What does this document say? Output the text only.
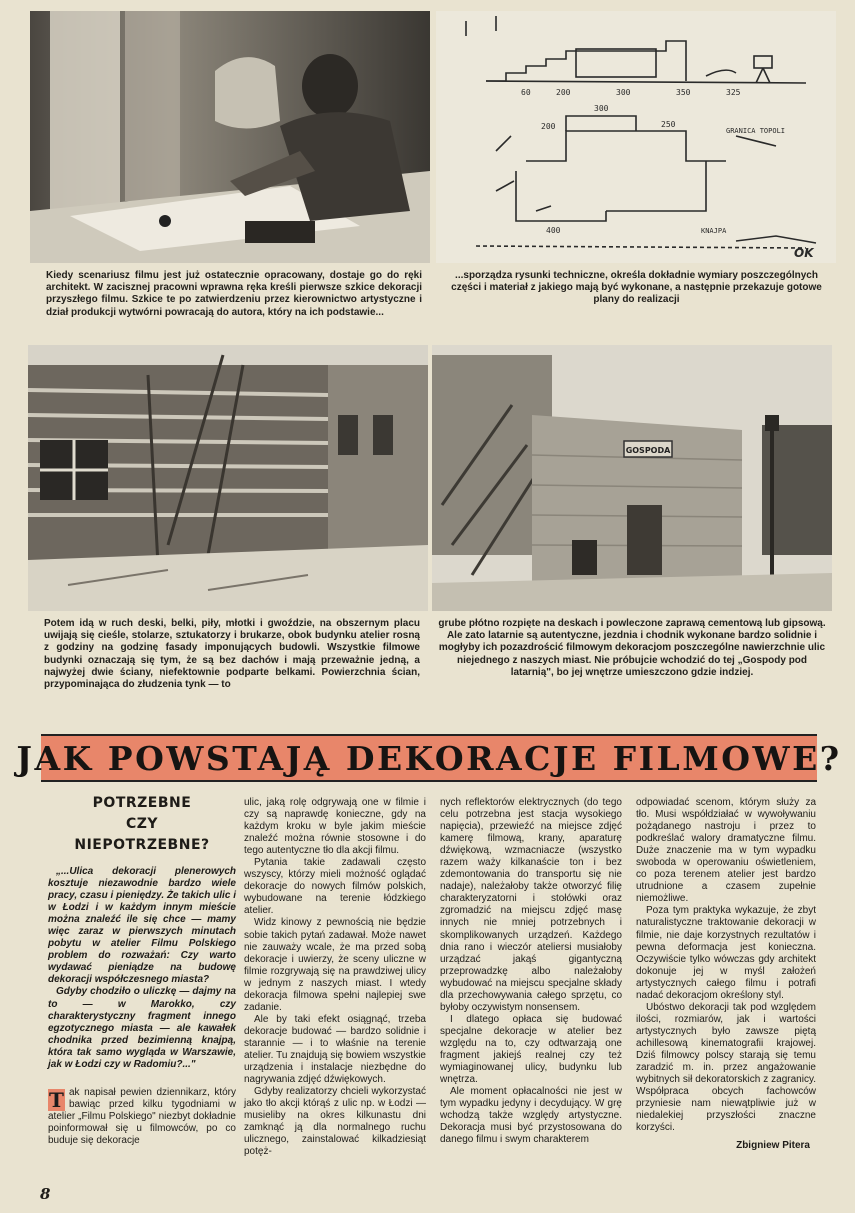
60	200	300	350	325
200
300
250
400
GRANICA TOPOLI
KNAJPA
OK
Kiedy scenariusz filmu jest już ostatecznie opracowany, dostaje go do ręki architekt. W zacisznej pracowni wprawna ręka kreśli pierwsze szkice dekoracji przyszłego filmu. Szkice te po zatwierdzeniu przez kierownictwo artystyczne i dział produkcji wytwórni powracają do autora, który na ich podstawie...
...sporządza rysunki techniczne, określa dokładnie wymiary poszczególnych części i materiał z jakiego mają być wykonane, a następnie przekazuje gotowe plany do realizacji
GOSPODA
Potem idą w ruch deski, belki, piły, młotki i gwoździe, na obszernym placu uwijają się cieśle, stolarze, sztukatorzy i brukarze, obok budynku atelier rosną z godziny na godzinę fasady imponujących budowli. Wszystkie filmowe budynki oznaczają się tym, że są bez dachów i mają przeważnie jedną, a najwyżej dwie ściany, niefektownie podparte belkami. Powierzchnia ścian, przypominająca do złudzenia tynk — to
grube płótno rozpięte na deskach i powleczone zaprawą cementową lub gipsową. Ale zato latarnie są autentyczne, jezdnia i chodnik wykonane bardzo solidnie i mogłyby ich pozazdrościć filmowym dekoracjom poszczególne nawierzchnie ulic niejednego z naszych miast. Nie próbujcie wchodzić do tej „Gospody pod latarnią", bo jej wnętrze umieszczono gdzie indziej.
JAK POWSTAJĄ DEKORACJE FILMOWE?
POTRZEBNE
CZY
NIEPOTRZEBNE?

„...Ulica dekoracji plenerowych kosztuje niezawodnie bardzo wiele pracy, czasu i pieniędzy. Że takich ulic i w Łodzi i w każdym innym mieście można znaleźć ile się chce — mamy więc zaraz w pierwszych minutach pobytu w atelier Filmu Polskiego problem do rozważań: Czy warto wydawać pieniądze na budowę dekoracji współczesnego miasta?

Gdyby chodziło o uliczkę — dajmy na to — w Marokko, czy charakterystyczny fragment innego egzotycznego miasta — ale kawałek chodnika przed bezimienną knajpą, która tak samo wygląda w Warszawie, jak w Łodzi czy w Radomiu?..."

T ak napisał pewien dziennikarz, który bawiąc przed kilku tygodniami w atelier „Filmu Polskiego" niezbyt dokładnie poinformował się u filmowców, po co buduje się dekoracje

ulic, jaką rolę odgrywają one w filmie i czy są naprawdę konieczne, gdy na każdym kroku w byle jakim mieście znaleźć można równie stosowne i do tego autentyczne tło dla akcji filmu.

Pytania takie zadawali często wszyscy, którzy mieli możność oglądać dekoracje do nowych filmów polskich, wybudowane na terenie łódzkiego atelier.

Widz kinowy z pewnością nie będzie sobie takich pytań zadawał. Może nawet nie zauważy wcale, że ma przed sobą dekoracje i uwierzy, że sceny uliczne w filmie rozgrywają się na prawdziwej ulicy w jednym z naszych miast. I wtedy dekoracja filmowa spełni najlepiej swe zadanie.

Ale by taki efekt osiągnąć, trzeba dekoracje budować — bardzo solidnie i starannie — i to właśnie na terenie atelier. Tu znajdują się bowiem wszystkie urządzenia i instalacje niezbędne do nagrywania zdjęć dźwiękowych.

Gdyby realizatorzy chcieli wykorzystać jako tło akcji którąś z ulic np. w Łodzi — musieliby na okres kilkunastu dni zamknąć ją dla normalnego ruchu ulicznego, zainstalować kilkadziesiąt potęż-

nych reflektorów elektrycznych (do tego celu potrzebna jest stacja wysokiego napięcia), przewieźć na miejsce zdjęć kamerę filmową, krany, aparaturę dźwiękową, wzmacniacze (wszystko razem waży kilkanaście ton i bez zdemontowania do transportu się nie nadaje), należałoby także otworzyć filię charakteryzatorni i stołówki oraz zgromadzić na miejscu zdjęć masę innych nie mniej potrzebnych i skomplikowanych urządzeń. Każdego dnia rano i wieczór ateliersi musiałoby urządzać jakąś gigantyczną przeprowadzkę albo należałoby wybudować na miejscu specjalne składy dla przechowywania całego sprzętu, co byłoby oczywistym nonsensem.

I dlatego opłaca się budować specjalne dekoracje w atelier bez względu na to, czy odtwarzają one fragment jakiejś realnej czy też wymiaginowanej ulicy, budynku lub wnętrza.

Ale moment opłacalności nie jest w tym wypadku jedyny i decydujący. W grę wchodzą także względy artystyczne. Dekoracja musi być przystosowana do danego filmu i swym charakterem

odpowiadać scenom, którym służy za tło. Musi współdziałać w wywoływaniu pożądanego nastroju i przez to podkreślać walory dramatyczne filmu. Duże znaczenie ma w tym wypadku swoboda w operowaniu oświetleniem, co poza terenem atelier jest bardzo utrudnione a czasem zupełnie niemożliwe.

Poza tym praktyka wykazuje, że zbyt naturalistyczne traktowanie dekoracji w filmie, nie daje korzystnych rezultatów i pewna deformacja jest konieczna. Oczywiście tylko wówczas gdy architekt dokonuje jej w myśl założeń artystycznych całego filmu i potrafi nadać dekoracjom określony styl.

Ubóstwo dekoracji tak pod względem ilości, rozmiarów, jak i wartości artystycznych było zawsze piętą achillesową kinematografii krajowej. Dziś filmowcy polscy starają się temu zaradzić m. in. przez angażowanie wybitnych sił dekoratorskich z zagranicy. Współpraca obcych fachowców przyniesie nam niewątpliwie już w niedalekiej przyszłości znaczne korzyści.

Zbigniew Pitera
8
